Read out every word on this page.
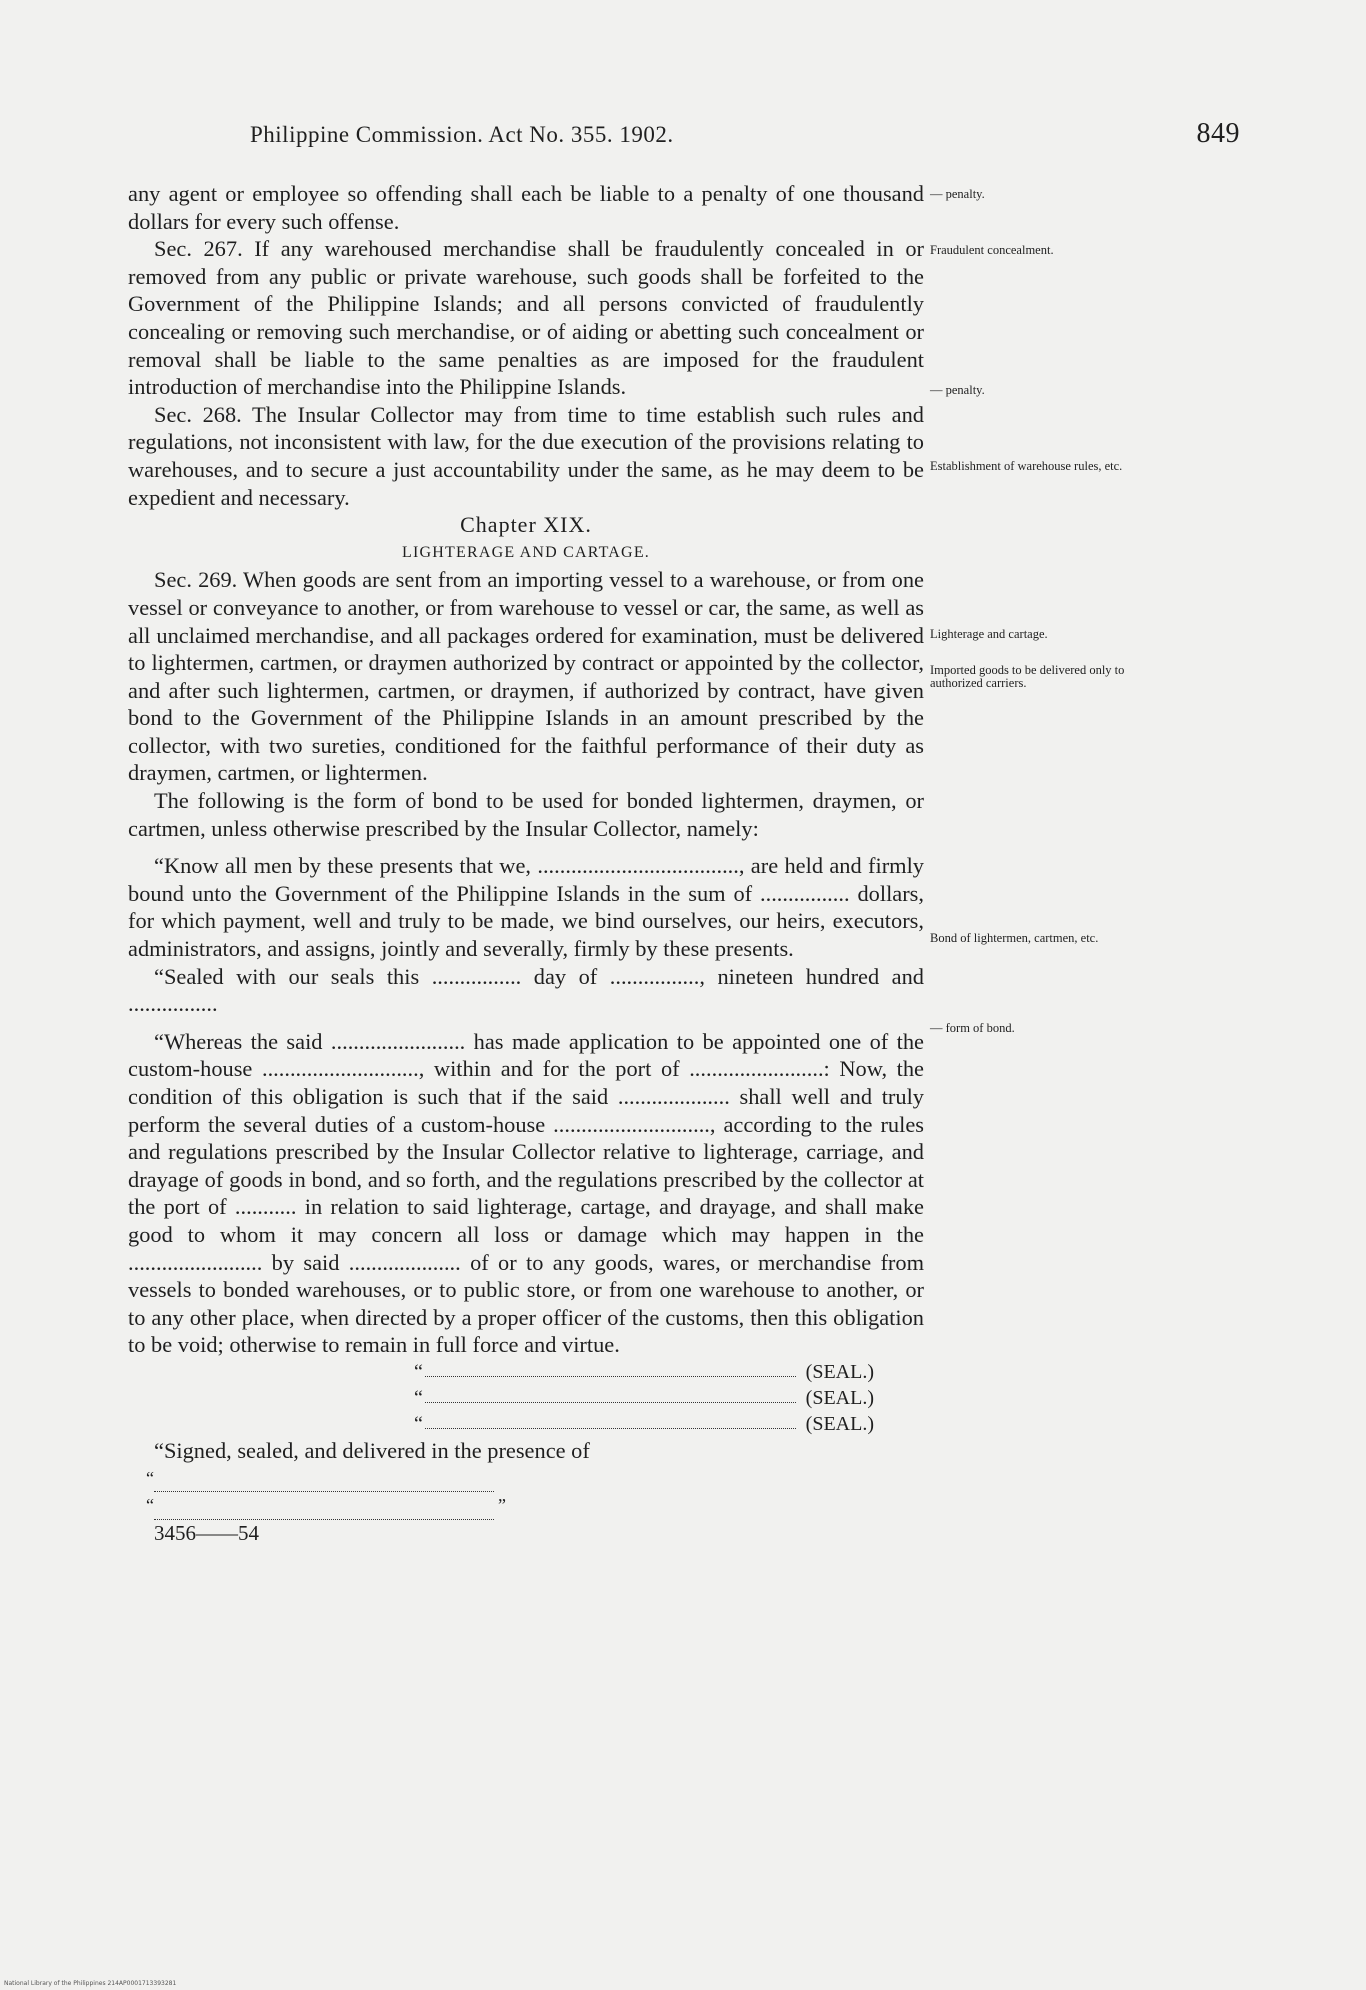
Philippine Commission. Act No. 355. 1902.	849

any agent or employee so offending shall each be liable to a penalty of one thousand dollars for every such offense.

Sec. 267. If any warehoused merchandise shall be fraudulently concealed in or removed from any public or private warehouse, such goods shall be forfeited to the Government of the Philippine Islands; and all persons convicted of fraudulently concealing or removing such merchandise, or of aiding or abetting such concealment or removal shall be liable to the same penalties as are imposed for the fraudulent introduction of merchandise into the Philippine Islands.

Sec. 268. The Insular Collector may from time to time establish such rules and regulations, not inconsistent with law, for the due execution of the provisions relating to warehouses, and to secure a just accountability under the same, as he may deem to be expedient and necessary.

Chapter XIX.

LIGHTERAGE AND CARTAGE.

Sec. 269. When goods are sent from an importing vessel to a warehouse, or from one vessel or conveyance to another, or from warehouse to vessel or car, the same, as well as all unclaimed merchandise, and all packages ordered for examination, must be delivered to lightermen, cartmen, or draymen authorized by contract or appointed by the collector, and after such lightermen, cartmen, or draymen, if authorized by contract, have given bond to the Government of the Philippine Islands in an amount prescribed by the collector, with two sureties, conditioned for the faithful performance of their duty as draymen, cartmen, or lightermen.

The following is the form of bond to be used for bonded lightermen, draymen, or cartmen, unless otherwise prescribed by the Insular Collector, namely:

“Know all men by these presents that we, ...................................., are held and firmly bound unto the Government of the Philippine Islands in the sum of ................ dollars, for which payment, well and truly to be made, we bind ourselves, our heirs, executors, administrators, and assigns, jointly and severally, firmly by these presents.

“Sealed with our seals this ................ day of ................, nineteen hundred and ................

“Whereas the said ........................ has made application to be appointed one of the custom-house ............................, within and for the port of ........................: Now, the condition of this obligation is such that if the said .................... shall well and truly perform the several duties of a custom-house ............................, according to the rules and regulations prescribed by the Insular Collector relative to lighterage, carriage, and drayage of goods in bond, and so forth, and the regulations prescribed by the collector at the port of ........... in relation to said lighterage, cartage, and drayage, and shall make good to whom it may concern all loss or damage which may happen in the ........................ by said .................... of or to any goods, wares, or merchandise from vessels to bonded warehouses, or to public store, or from one warehouse to another, or to any other place, when directed by a proper officer of the customs, then this obligation to be void; otherwise to remain in full force and virtue.

“	(SEAL.)
“	(SEAL.)
“	(SEAL.)

“Signed, sealed, and delivered in the presence of

“
“	”

3456——54

— penalty.
Fraudulent concealment.
— penalty.
Establishment of warehouse rules, etc.
Lighterage and cartage.
Imported goods to be delivered only to authorized carriers.
Bond of lightermen, cartmen, etc.
— form of bond.
National Library of the Philippines 214AP0001713393281
